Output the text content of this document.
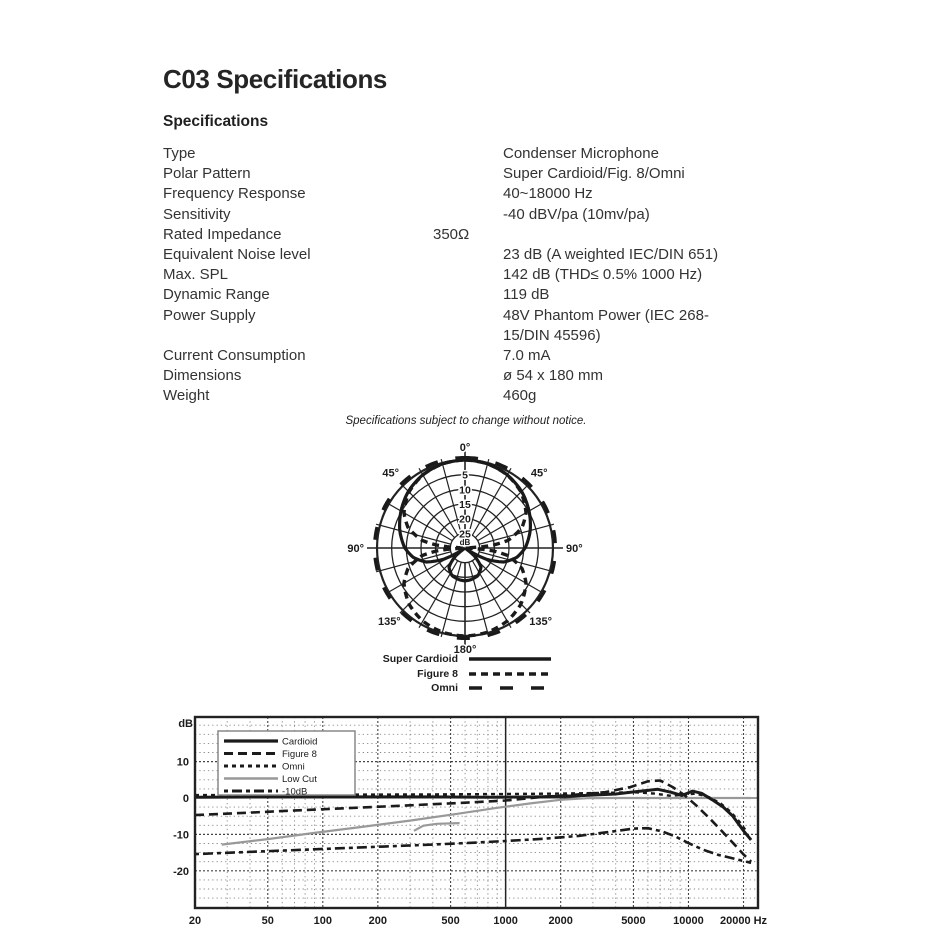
C03 Specifications
Specifications
Type	Condenser Microphone
Polar Pattern	Super Cardioid/Fig. 8/Omni
Frequency Response	40~18000 Hz
Sensitivity	-40 dBV/pa (10mv/pa)
Rated Impedance	350Ω
Equivalent Noise level	23 dB (A weighted IEC/DIN 651)
Max. SPL	142 dB (THD≤ 0.5% 1000 Hz)
Dynamic Range	119 dB
Power Supply	48V Phantom Power (IEC 268-15/DIN 45596)
Current Consumption	7.0 mA
Dimensions	ø 54 x 180 mm
Weight	460g
Specifications subject to change without notice.
5
10
15
20
25
dB
0°
45°	45°
90°	90°
135°	135°
180°
Super Cardioid
Figure 8
Omni
Cardioid
Figure 8
Omni
Low Cut
-10dB
dB
10
0
-10
-20
20	50	100	200	500	1000	2000	5000	10000 20000 Hz
